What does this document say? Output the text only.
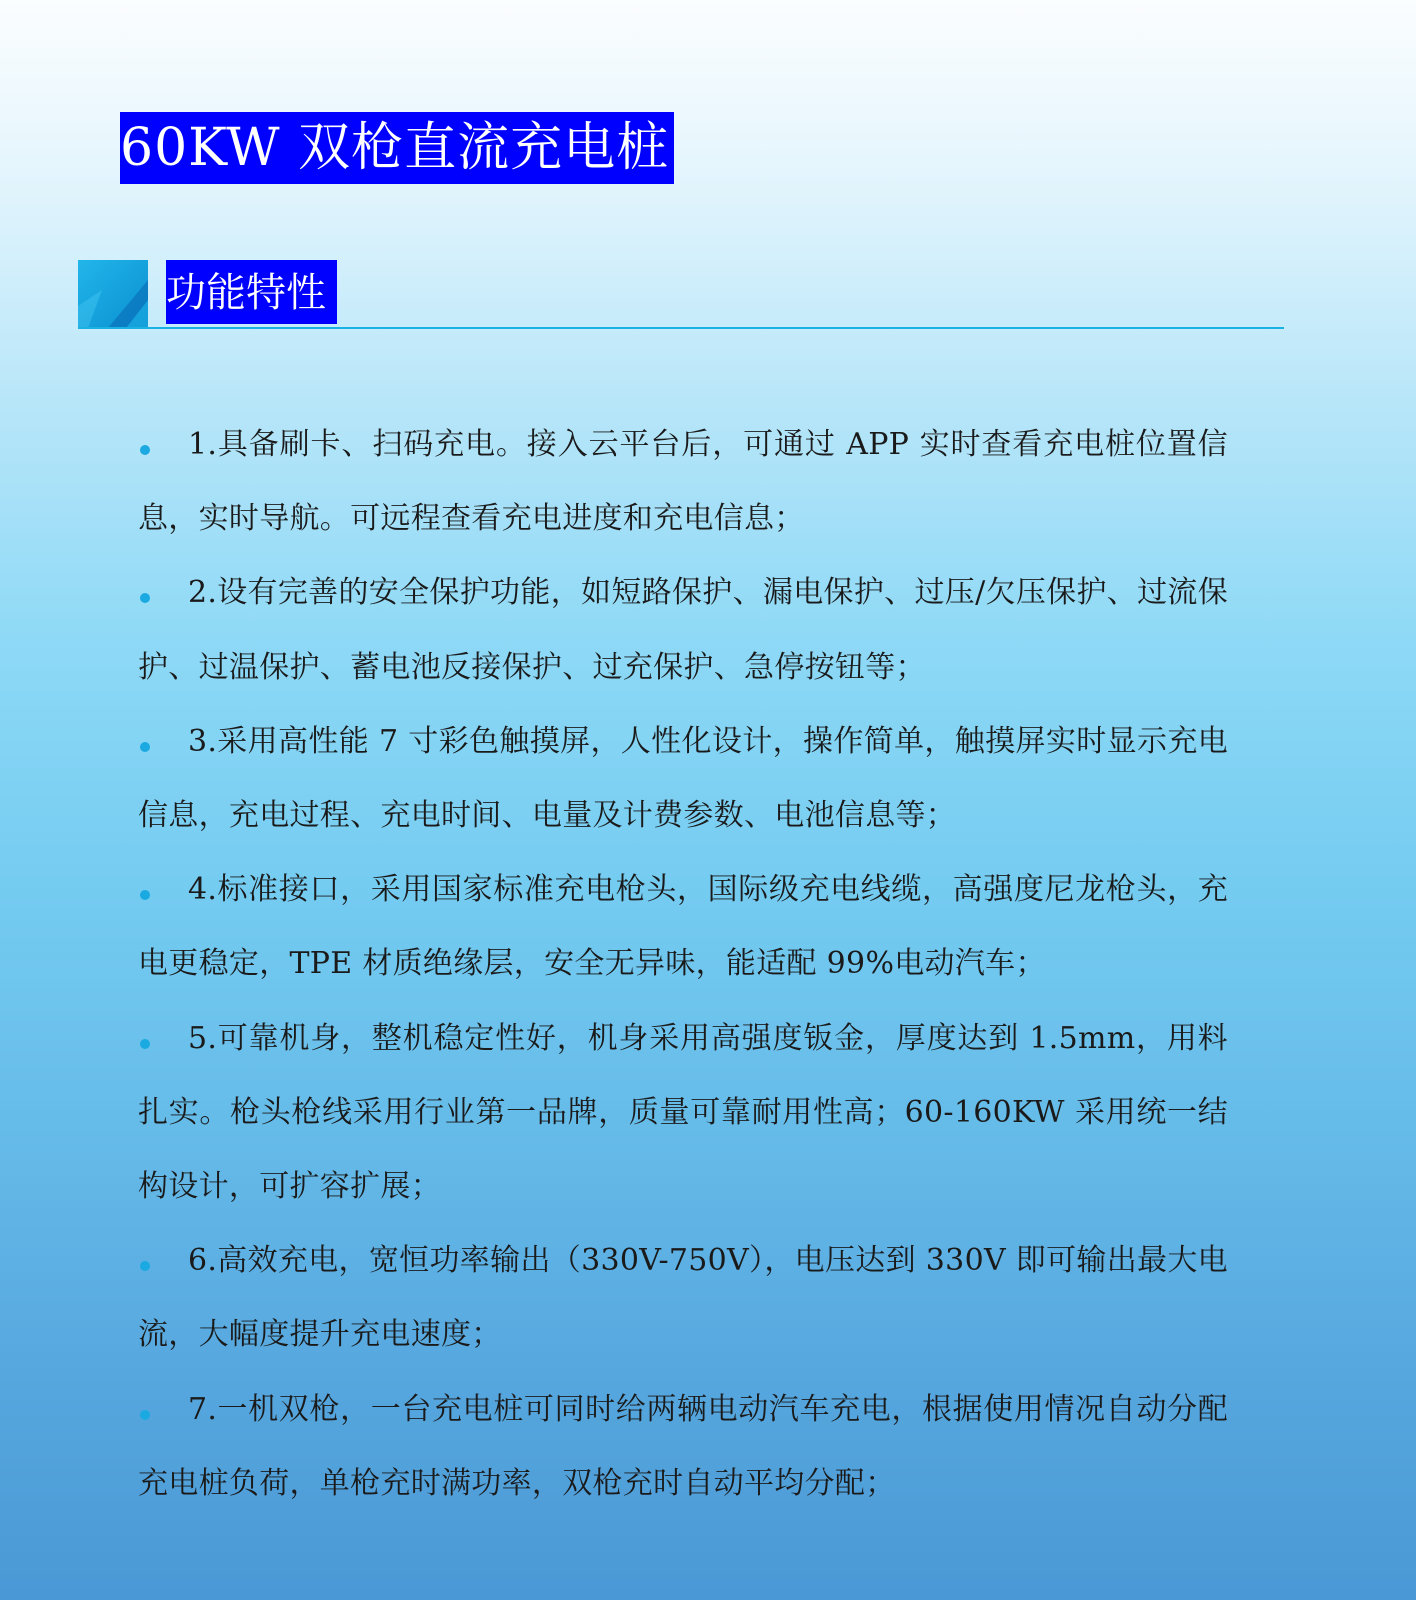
60KW 双枪直流充电桩
功能特性
1.具备刷卡、扫码充电。接入云平台后，可通过 APP 实时查看充电桩位置信息，实时导航。可远程查看充电进度和充电信息；
2.设有完善的安全保护功能，如短路保护、漏电保护、过压/欠压保护、过流保护、过温保护、蓄电池反接保护、过充保护、急停按钮等；
3.采用高性能 7 寸彩色触摸屏，人性化设计，操作简单，触摸屏实时显示充电信息，充电过程、充电时间、电量及计费参数、电池信息等；
4.标准接口，采用国家标准充电枪头，国际级充电线缆，高强度尼龙枪头，充电更稳定，TPE 材质绝缘层，安全无异味，能适配 99%电动汽车；
5.可靠机身，整机稳定性好，机身采用高强度钣金，厚度达到 1.5mm，用料扎实。枪头枪线采用行业第一品牌，质量可靠耐用性高；60-160KW 采用统一结构设计，可扩容扩展；
6.高效充电，宽恒功率输出（330V-750V），电压达到 330V 即可输出最大电流，大幅度提升充电速度；
7.一机双枪，一台充电桩可同时给两辆电动汽车充电，根据使用情况自动分配充电桩负荷，单枪充时满功率，双枪充时自动平均分配；
